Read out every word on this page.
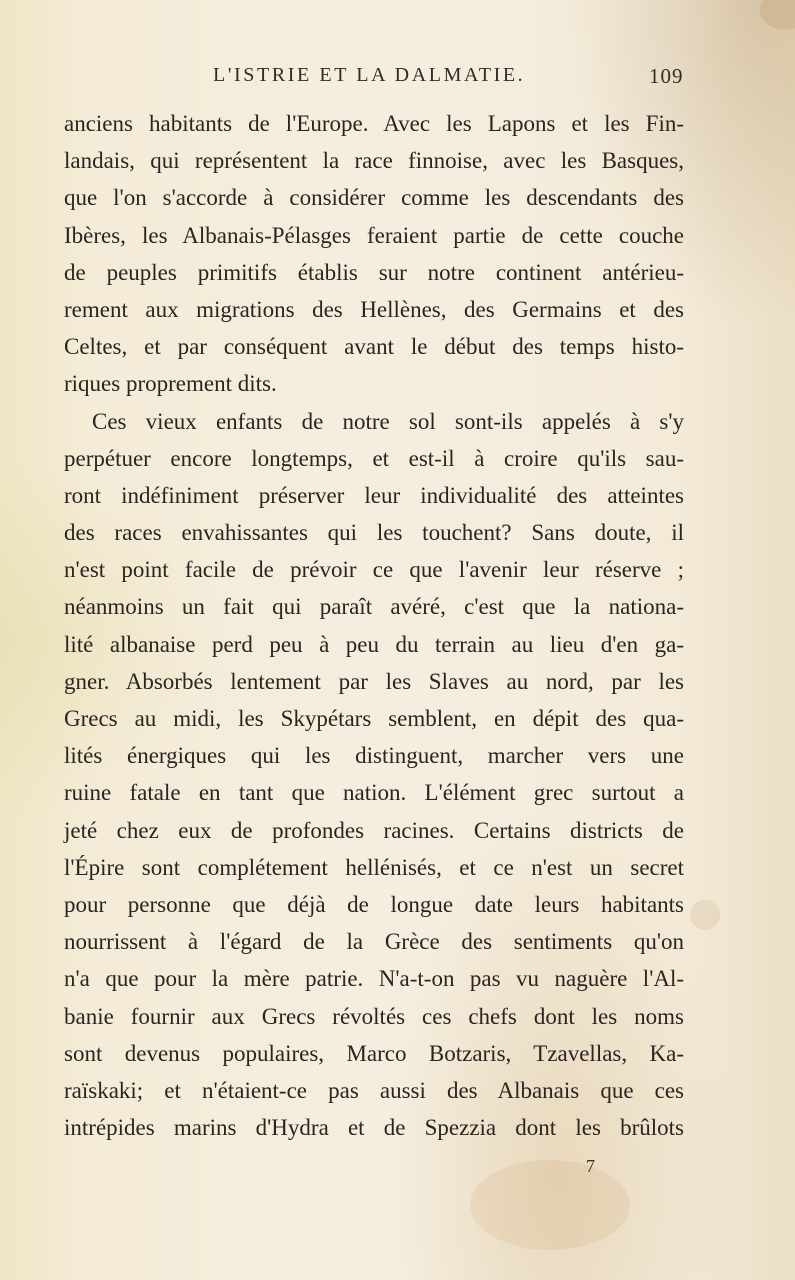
L'ISTRIE ET LA DALMATIE.	109
anciens habitants de l'Europe. Avec les Lapons et les Fin-
landais, qui représentent la race finnoise, avec les Basques,
que l'on s'accorde à considérer comme les descendants des
Ibères, les Albanais-Pélasges feraient partie de cette couche
de peuples primitifs établis sur notre continent antérieu-
rement aux migrations des Hellènes, des Germains et des
Celtes, et par conséquent avant le début des temps histo-
riques proprement dits.
Ces vieux enfants de notre sol sont-ils appelés à s'y
perpétuer encore longtemps, et est-il à croire qu'ils sau-
ront indéfiniment préserver leur individualité des atteintes
des races envahissantes qui les touchent? Sans doute, il
n'est point facile de prévoir ce que l'avenir leur réserve ;
néanmoins un fait qui paraît avéré, c'est que la nationa-
lité albanaise perd peu à peu du terrain au lieu d'en ga-
gner. Absorbés lentement par les Slaves au nord, par les
Grecs au midi, les Skypétars semblent, en dépit des qua-
lités énergiques qui les distinguent, marcher vers une
ruine fatale en tant que nation. L'élément grec surtout a
jeté chez eux de profondes racines. Certains districts de
l'Épire sont complétement hellénisés, et ce n'est un secret
pour personne que déjà de longue date leurs habitants
nourrissent à l'égard de la Grèce des sentiments qu'on
n'a que pour la mère patrie. N'a-t-on pas vu naguère l'Al-
banie fournir aux Grecs révoltés ces chefs dont les noms
sont devenus populaires, Marco Botzaris, Tzavellas, Ka-
raïskaki; et n'étaient-ce pas aussi des Albanais que ces
intrépides marins d'Hydra et de Spezzia dont les brûlots
7
